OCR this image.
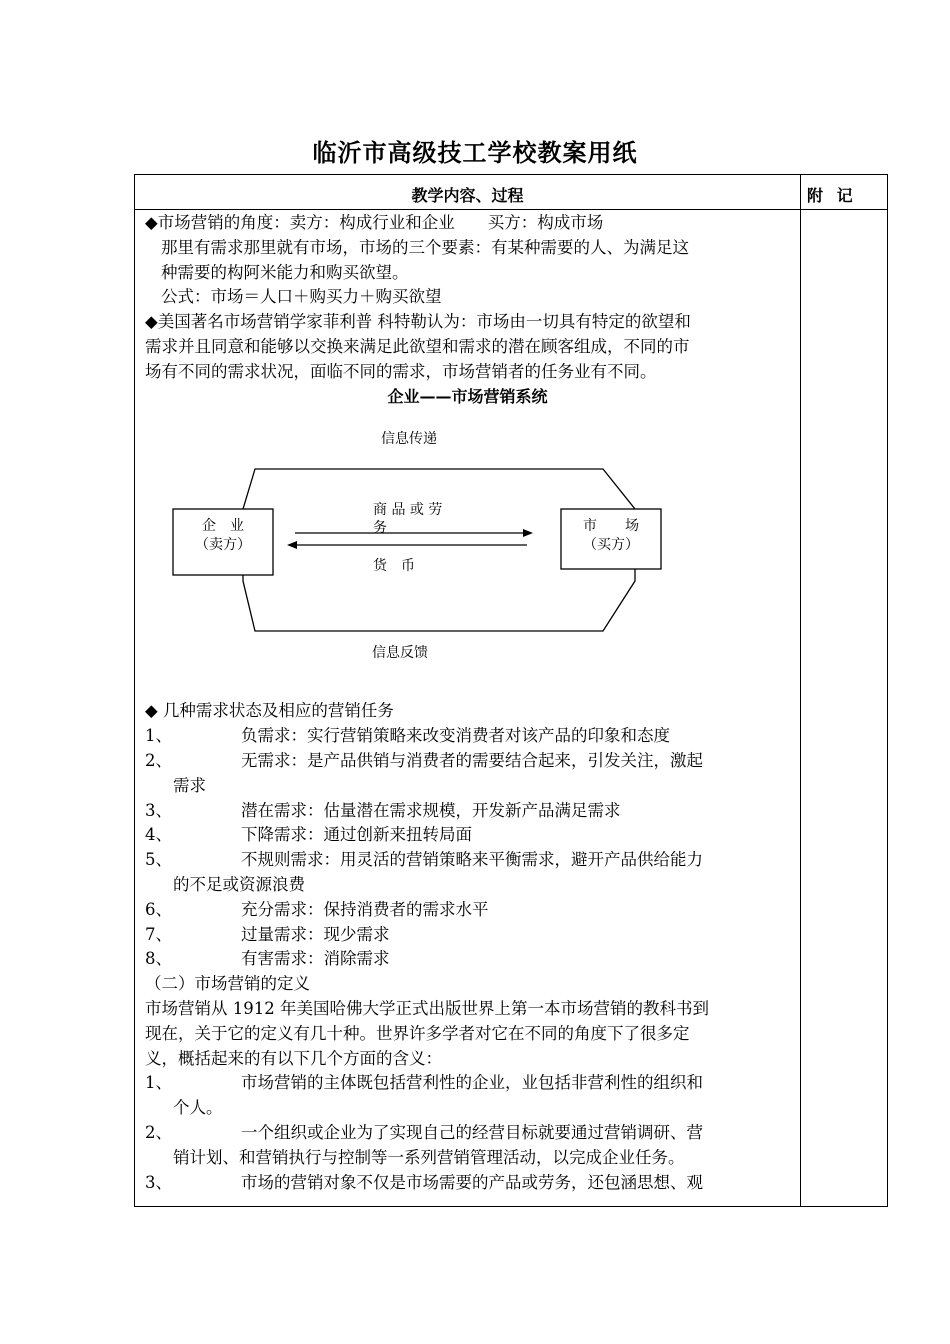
临沂市高级技工学校教案用纸
教学内容、过程	附 记

◆市场营销的角度：卖方：构成行业和企业　　买方：构成市场

那里有需求那里就有市场，市场的三个要素：有某种需要的人、为满足这

种需要的构阿米能力和购买欲望。

公式：市场＝人口＋购买力＋购买欲望

◆美国著名市场营销学家菲利普 科特勒认为：市场由一切具有特定的欲望和

需求并且同意和能够以交换来满足此欲望和需求的潜在顾客组成，不同的市

场有不同的需求状况，面临不同的需求，市场营销者的任务业有不同。

企业——市场营销系统

信息传递
信息反馈
企　业
（卖方）
市　　场
（买方）
商 品 或 劳
务
货　币

◆ 几种需求状态及相应的营销任务

1、	负需求：实行营销策略来改变消费者对该产品的印象和态度

2、	无需求：是产品供销与消费者的需要结合起来，引发关注，激起

需求

3、	潜在需求：估量潜在需求规模，开发新产品满足需求

4、	下降需求：通过创新来扭转局面

5、	不规则需求：用灵活的营销策略来平衡需求，避开产品供给能力

的不足或资源浪费

6、	充分需求：保持消费者的需求水平

7、	过量需求：现少需求

8、	有害需求：消除需求

（二）市场营销的定义

市场营销从 1912 年美国哈佛大学正式出版世界上第一本市场营销的教科书到

现在，关于它的定义有几十种。世界许多学者对它在不同的角度下了很多定

义，概括起来的有以下几个方面的含义：

1、	市场营销的主体既包括营利性的企业，业包括非营利性的组织和

个人。

2、	一个组织或企业为了实现自己的经营目标就要通过营销调研、营

销计划、和营销执行与控制等一系列营销管理活动，以完成企业任务。

3、	市场的营销对象不仅是市场需要的产品或劳务，还包涵思想、观
